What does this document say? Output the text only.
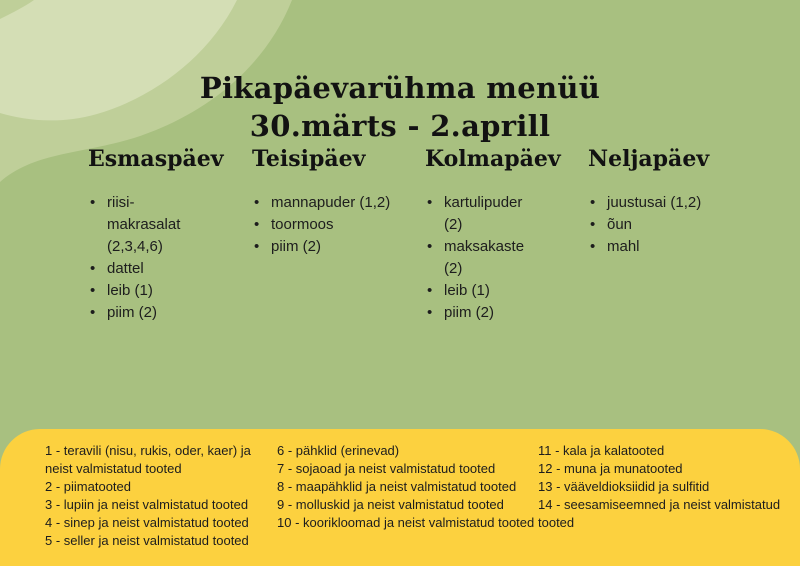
Pikapäevarühma menüü
30.märts - 2.aprill
Esmaspäev
• riisi-makrasalat (2,3,4,6)
• dattel
• leib (1)
• piim (2)
Teisipäev
• mannapuder (1,2)
• toormoos
• piim (2)
Kolmapäev
• kartulipuder (2)
• maksakaste (2)
• leib (1)
• piim (2)
Neljapäev
• juustusai (1,2)
• õun
• mahl
1 - teravili (nisu, rukis, oder, kaer) ja neist valmistatud tooted
2 - piimatooted
3 - lupiin ja neist valmistatud tooted
4 - sinep ja neist valmistatud tooted
5 - seller ja neist valmistatud tooted
6 - pähklid (erinevad)
7 - sojaoad ja neist valmistatud tooted
8 - maapähklid ja neist valmistatud tooted
9 - molluskid ja neist valmistatud tooted
10 - koorikloomad ja neist valmistatud tooted
11 - kala ja kalatooted
12 - muna ja munatooted
13 - vääveldioksiidid ja sulfitid
14 - seesamiseemned ja neist valmistatud tooted
